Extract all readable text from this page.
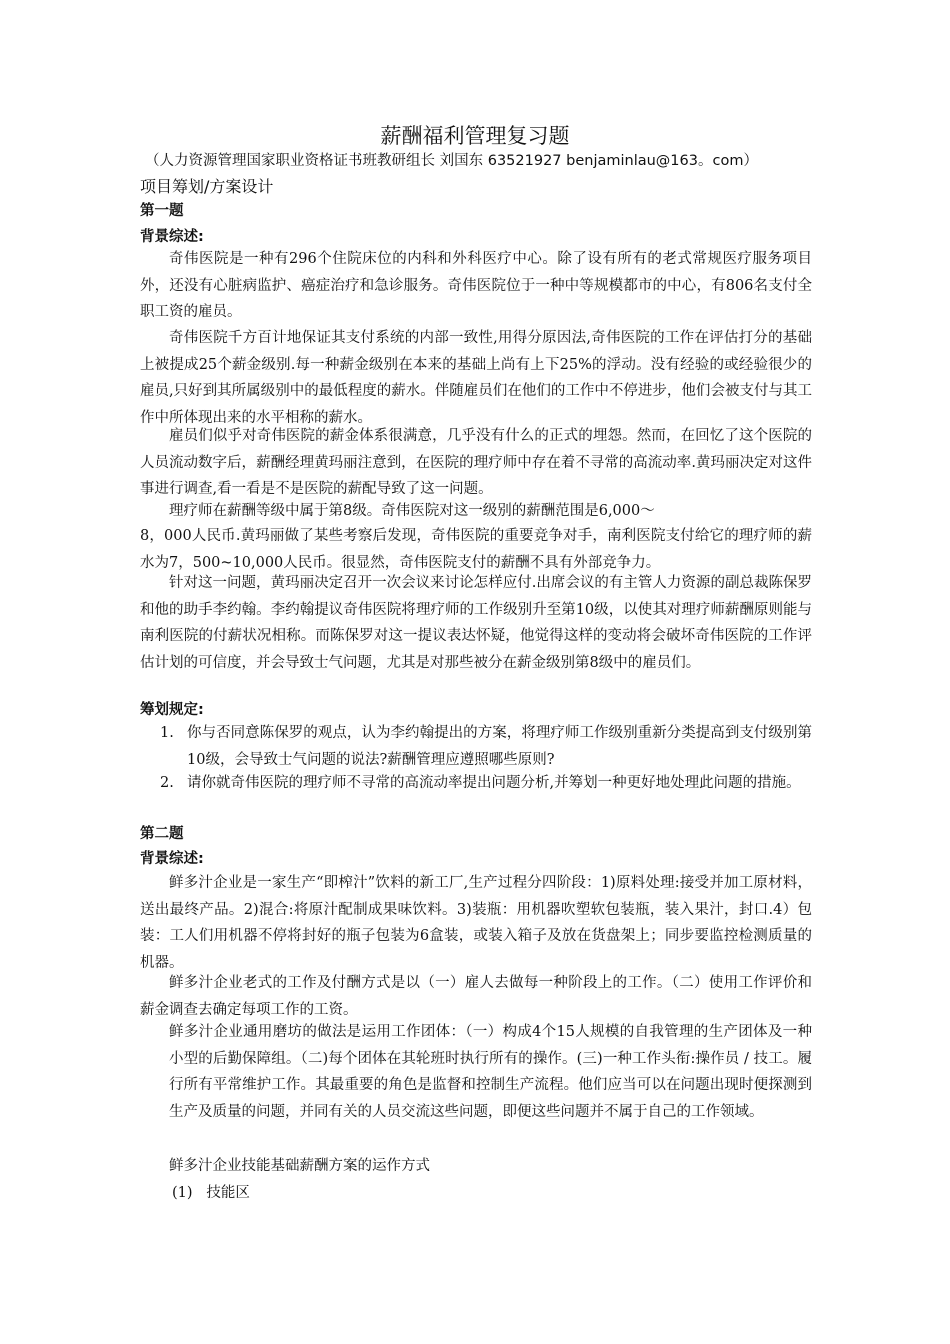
薪酬福利管理复习题
（人力资源管理国家职业资格证书班教研组长 刘国东 63521927 benjaminlau@163。com）
项目筹划/方案设计
第一题
背景综述:

奇伟医院是一种有296个住院床位的内科和外科医疗中心。除了设有所有的老式常规医疗服务项目外，还没有心脏病监护、癌症治疗和急诊服务。奇伟医院位于一种中等规模都市的中心，有806名支付全职工资的雇员。

奇伟医院千方百计地保证其支付系统的内部一致性,用得分原因法,奇伟医院的工作在评估打分的基础上被提成25个薪金级别.每一种薪金级别在本来的基础上尚有上下25%的浮动。没有经验的或经验很少的雇员,只好到其所属级别中的最低程度的薪水。伴随雇员们在他们的工作中不停进步，他们会被支付与其工作中所体现出来的水平相称的薪水。

雇员们似乎对奇伟医院的薪金体系很满意，几乎没有什么的正式的埋怨。然而，在回忆了这个医院的人员流动数字后，薪酬经理黄玛丽注意到，在医院的理疗师中存在着不寻常的高流动率.黄玛丽决定对这件事进行调查,看一看是不是医院的薪配导致了这一问题。

理疗师在薪酬等级中属于第8级。奇伟医院对这一级别的薪酬范围是6,000～

8，000人民币.黄玛丽做了某些考察后发现，奇伟医院的重要竞争对手，南利医院支付给它的理疗师的薪水为7，500~10,000人民币。很显然，奇伟医院支付的薪酬不具有外部竞争力。

针对这一问题，黄玛丽决定召开一次会议来讨论怎样应付.出席会议的有主管人力资源的副总裁陈保罗和他的助手李约翰。李约翰提议奇伟医院将理疗师的工作级别升至第10级，以使其对理疗师薪酬原则能与南利医院的付薪状况相称。而陈保罗对这一提议表达怀疑，他觉得这样的变动将会破坏奇伟医院的工作评估计划的可信度，并会导致士气问题，尤其是对那些被分在薪金级别第8级中的雇员们。

筹划规定:
1. 你与否同意陈保罗的观点，认为李约翰提出的方案，将理疗师工作级别重新分类提高到支付级别第10级，会导致士气问题的说法?薪酬管理应遵照哪些原则?
2. 请你就奇伟医院的理疗师不寻常的高流动率提出问题分析,并筹划一种更好地处理此问题的措施。
第二题
背景综述:

鲜多汁企业是一家生产“即榨汁”饮料的新工厂,生产过程分四阶段：1)原料处理:接受并加工原材料，送出最终产品。2)混合:将原汁配制成果味饮料。3)装瓶：用机器吹塑软包装瓶，装入果汁，封口.4）包装：工人们用机器不停将封好的瓶子包装为6盒装，或装入箱子及放在货盘架上；同步要监控检测质量的机器。

鲜多汁企业老式的工作及付酬方式是以（一）雇人去做每一种阶段上的工作。（二）使用工作评价和薪金调查去确定每项工作的工资。

鲜多汁企业通用磨坊的做法是运用工作团体：（一）构成4个15人规模的自我管理的生产团体及一种小型的后勤保障组。（二)每个团体在其轮班时执行所有的操作。(三)一种工作头衔:操作员 / 技工。履行所有平常维护工作。其最重要的角色是监督和控制生产流程。他们应当可以在问题出现时便探测到生产及质量的问题，并同有关的人员交流这些问题，即便这些问题并不属于自己的工作领域。

鲜多汁企业技能基础薪酬方案的运作方式
(1)   技能区
